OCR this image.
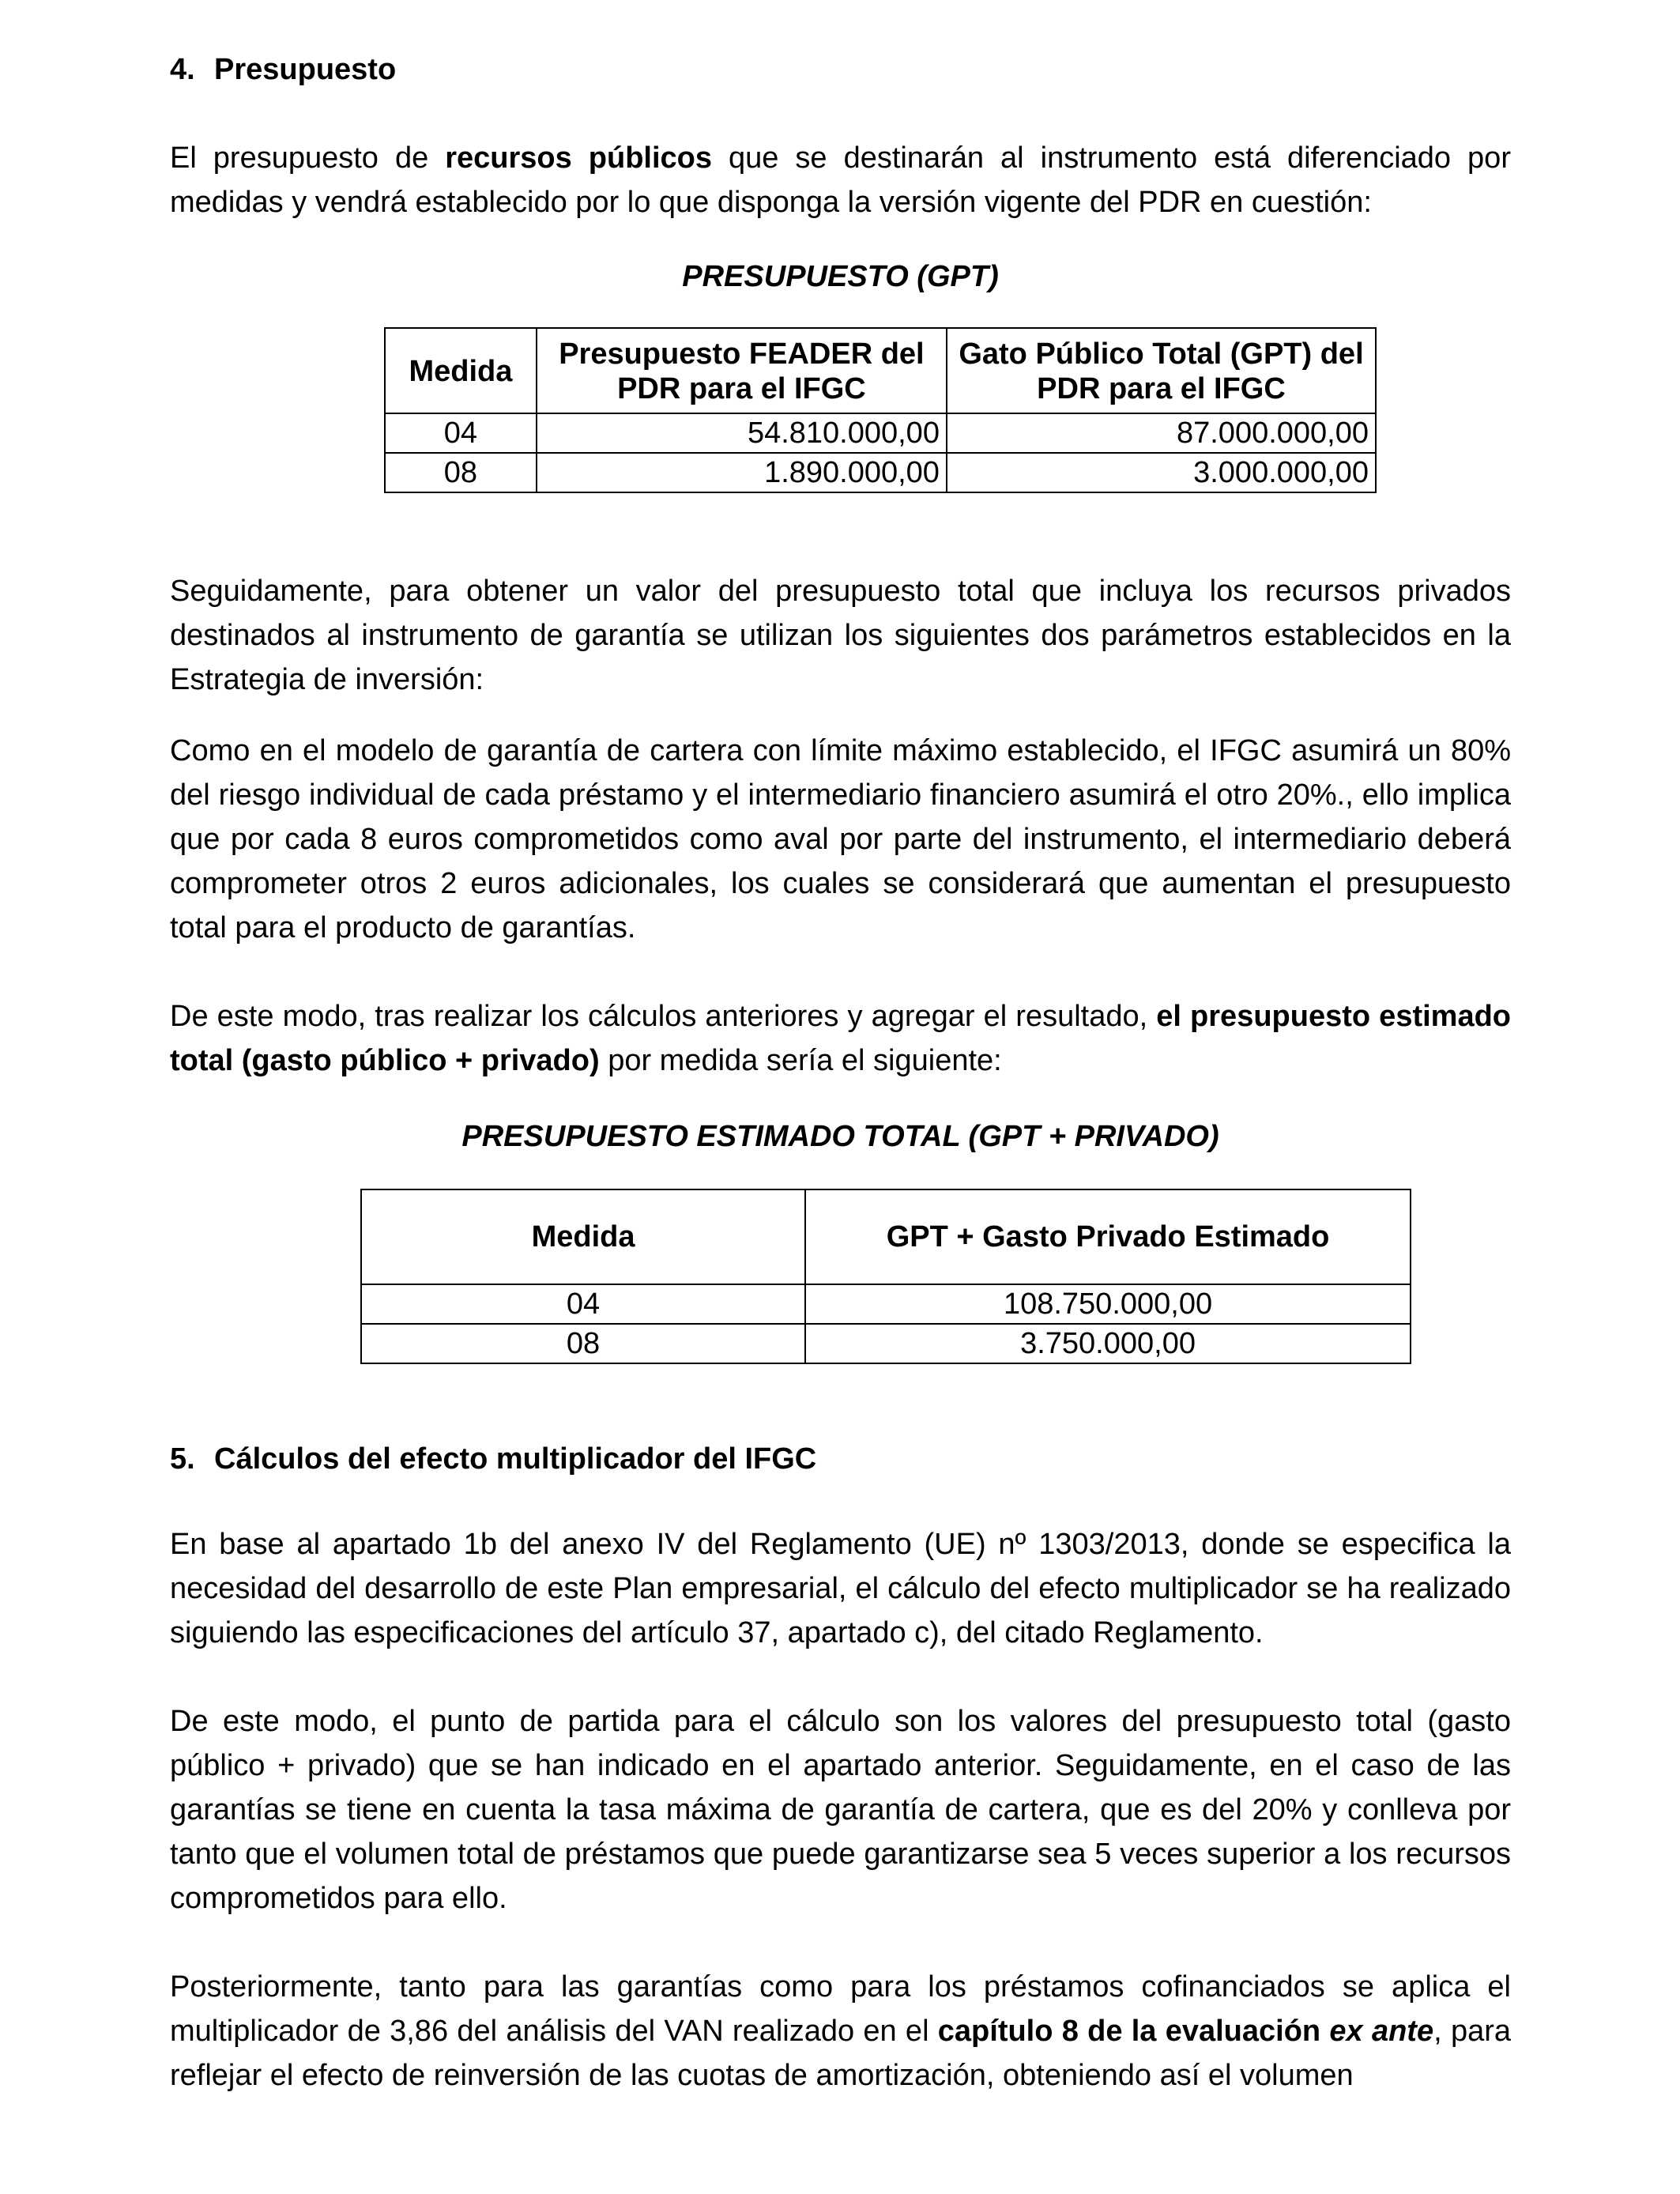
4. Presupuesto

El presupuesto de recursos públicos que se destinarán al instrumento está diferenciado por medidas y vendrá establecido por lo que disponga la versión vigente del PDR en cuestión:

PRESUPUESTO (GPT)

Medida	Presupuesto FEADER del PDR para el IFGC	Gato Público Total (GPT) del PDR para el IFGC
04	54.810.000,00	87.000.000,00
08	1.890.000,00	3.000.000,00

Seguidamente, para obtener un valor del presupuesto total que incluya los recursos privados destinados al instrumento de garantía se utilizan los siguientes dos parámetros establecidos en la Estrategia de inversión:

Como en el modelo de garantía de cartera con límite máximo establecido, el IFGC asumirá un 80% del riesgo individual de cada préstamo y el intermediario financiero asumirá el otro 20%., ello implica que por cada 8 euros comprometidos como aval por parte del instrumento, el intermediario deberá comprometer otros 2 euros adicionales, los cuales se considerará que aumentan el presupuesto total para el producto de garantías.

De este modo, tras realizar los cálculos anteriores y agregar el resultado, el presupuesto estimado total (gasto público + privado) por medida sería el siguiente:

PRESUPUESTO ESTIMADO TOTAL (GPT + PRIVADO)

Medida	GPT + Gasto Privado Estimado
04	108.750.000,00
08	3.750.000,00
5. Cálculos del efecto multiplicador del IFGC

En base al apartado 1b del anexo IV del Reglamento (UE) nº 1303/2013, donde se especifica la necesidad del desarrollo de este Plan empresarial, el cálculo del efecto multiplicador se ha realizado siguiendo las especificaciones del artículo 37, apartado c), del citado Reglamento.

De este modo, el punto de partida para el cálculo son los valores del presupuesto total (gasto público + privado) que se han indicado en el apartado anterior. Seguidamente, en el caso de las garantías se tiene en cuenta la tasa máxima de garantía de cartera, que es del 20% y conlleva por tanto que el volumen total de préstamos que puede garantizarse sea 5 veces superior a los recursos comprometidos para ello.

Posteriormente, tanto para las garantías como para los préstamos cofinanciados se aplica el multiplicador de 3,86 del análisis del VAN realizado en el capítulo 8 de la evaluación ex ante, para reflejar el efecto de reinversión de las cuotas de amortización, obteniendo así el volumen
